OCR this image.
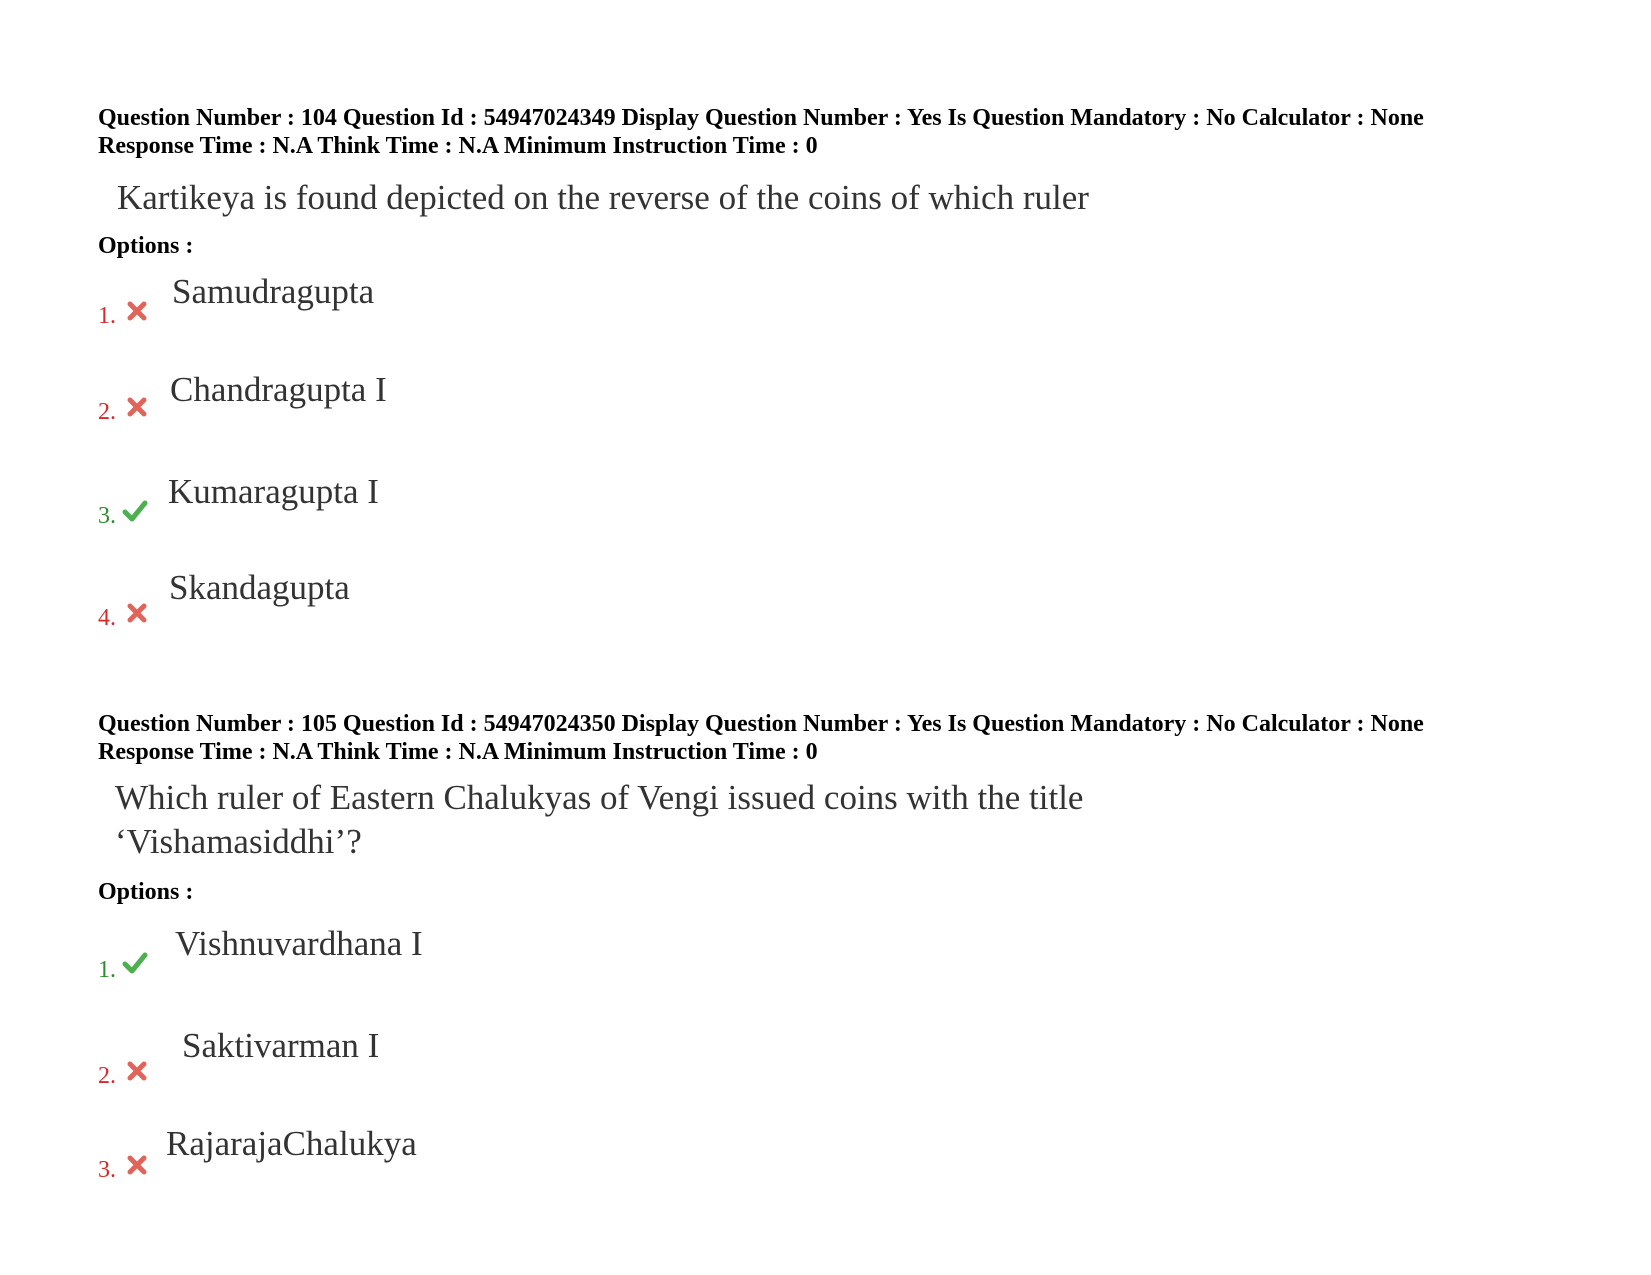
Question Number : 104 Question Id : 54947024349 Display Question Number : Yes Is Question Mandatory : No Calculator : None
Response Time : N.A Think Time : N.A Minimum Instruction Time : 0
Kartikeya is found depicted on the reverse of the coins of which ruler
Options :
1.
Samudragupta
2.
Chandragupta I
3.
Kumaragupta I
4.
Skandagupta
Question Number : 105 Question Id : 54947024350 Display Question Number : Yes Is Question Mandatory : No Calculator : None
Response Time : N.A Think Time : N.A Minimum Instruction Time : 0
Which ruler of Eastern Chalukyas of Vengi issued coins with the title
‘Vishamasiddhi’?
Options :
1.
Vishnuvardhana I
2.
Saktivarman I
3.
RajarajaChalukya
